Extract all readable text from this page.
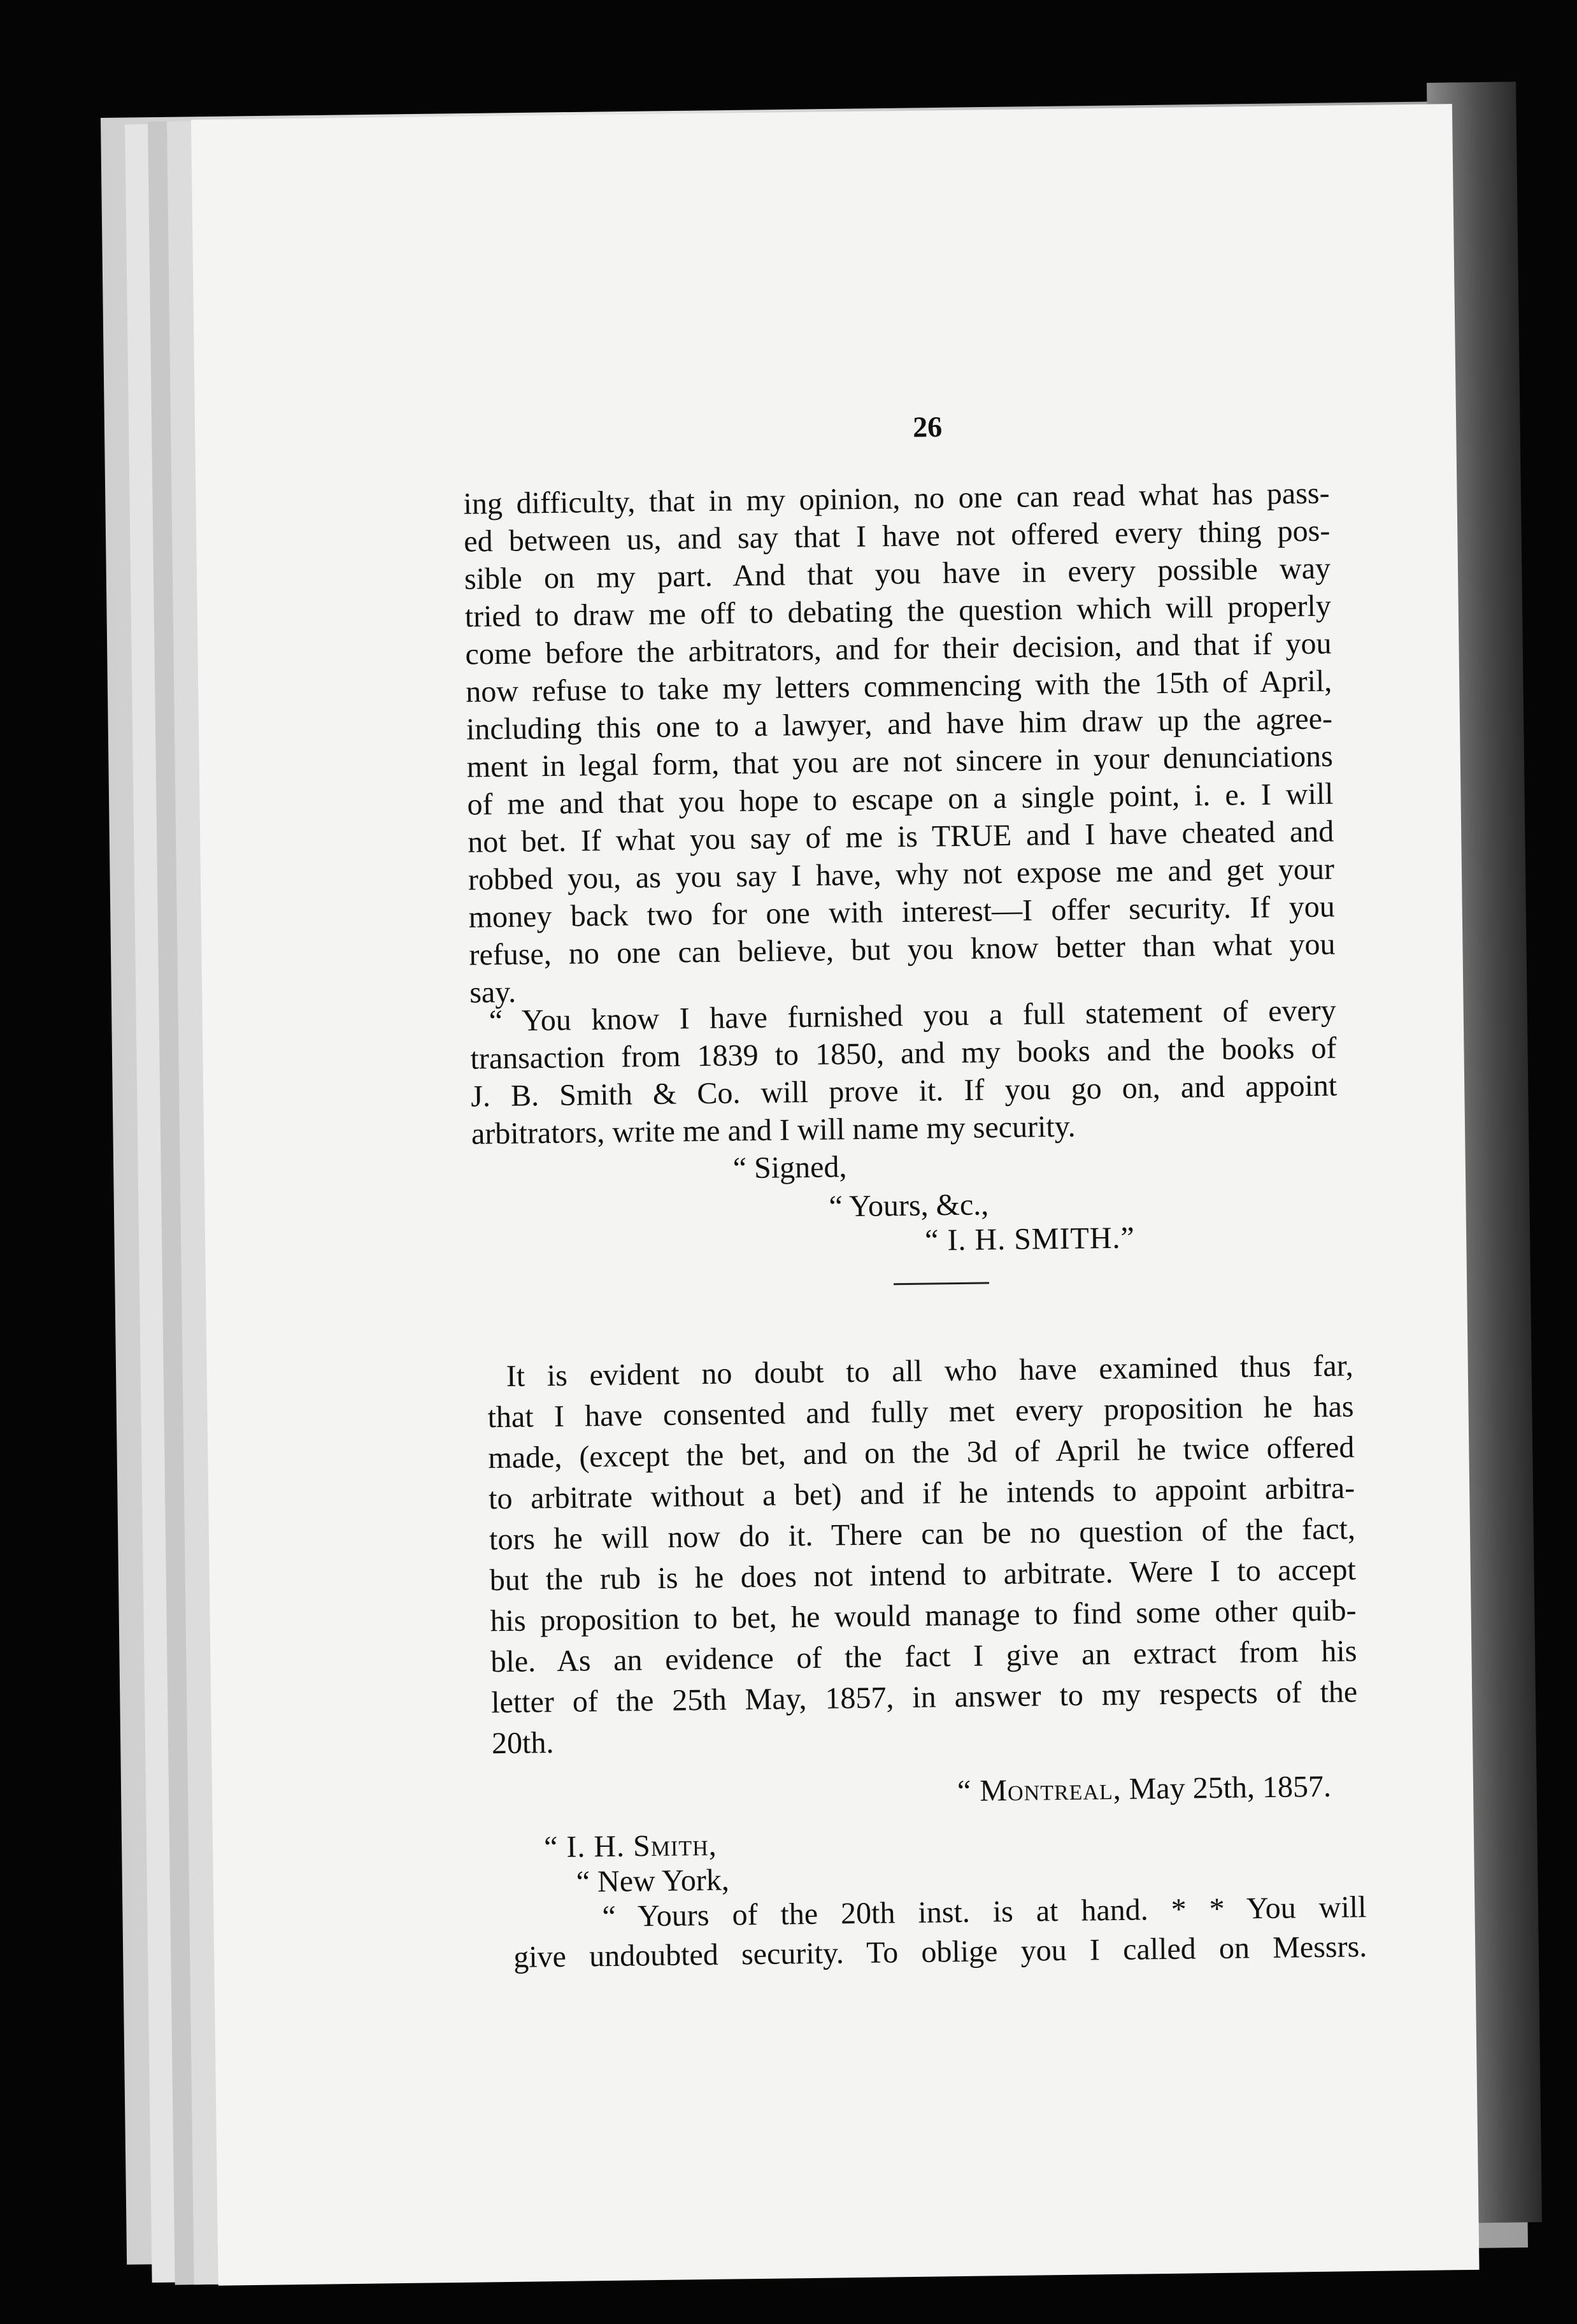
26

ing difficulty, that in my opinion, no one can read what has pass-

ed between us, and say that I have not offered every thing pos-

sible on my part. And that you have in every possible way

tried to draw me off to debating the question which will properly

come before the arbitrators, and for their decision, and that if you

now refuse to take my letters commencing with the 15th of April,

including this one to a lawyer, and have him draw up the agree-

ment in legal form, that you are not sincere in your denunciations

of me and that you hope to escape on a single point, i. e. I will

not bet. If what you say of me is TRUE and I have cheated and

robbed you, as you say I have, why not expose me and get your

money back two for one with interest—I offer security. If you

refuse, no one can believe, but you know better than what you

say.

“ You know I have furnished you a full statement of every

transaction from 1839 to 1850, and my books and the books of

J. B. Smith & Co. will prove it. If you go on, and appoint

arbitrators, write me and I will name my security.

“ Signed,

“ Yours, &c.,

“ I. H. SMITH.”

It is evident no doubt to all who have examined thus far,

that I have consented and fully met every proposition he has

made, (except the bet, and on the 3d of April he twice offered

to arbitrate without a bet) and if he intends to appoint arbitra-

tors he will now do it. There can be no question of the fact,

but the rub is he does not intend to arbitrate. Were I to accept

his proposition to bet, he would manage to find some other quib-

ble. As an evidence of the fact I give an extract from his

letter of the 25th May, 1857, in answer to my respects of the

20th.

“ Montreal, May 25th, 1857.

“ I. H. Smith,

“ New York,

“ Yours of the 20th inst. is at hand. * * You will

give undoubted security. To oblige you I called on Messrs.
